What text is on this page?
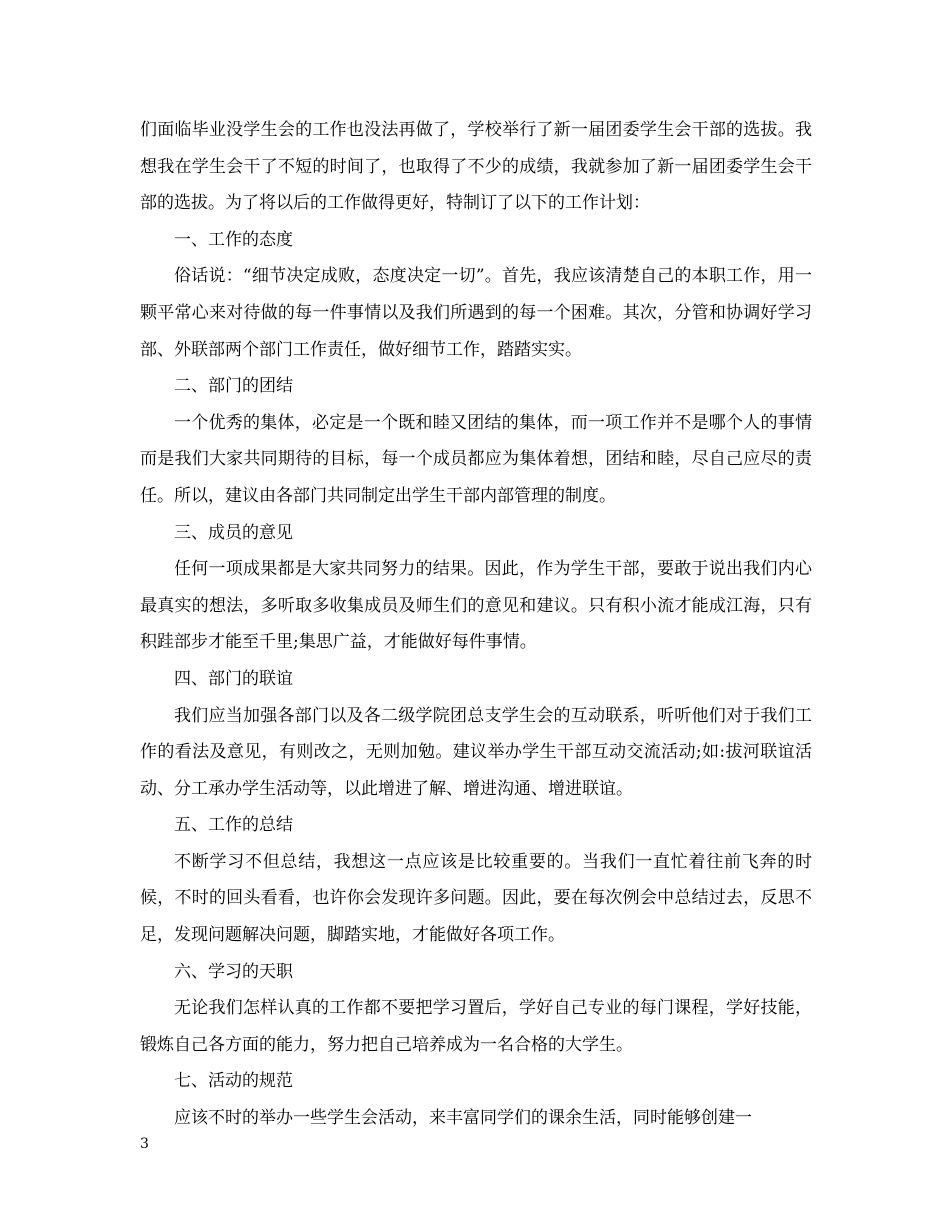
们面临毕业没学生会的工作也没法再做了，学校举行了新一届团委学生会干部的选拔。我想我在学生会干了不短的时间了，也取得了不少的成绩，我就参加了新一届团委学生会干部的选拔。为了将以后的工作做得更好，特制订了以下的工作计划：

一、工作的态度

俗话说：“细节决定成败，态度决定一切”。首先，我应该清楚自己的本职工作，用一颗平常心来对待做的每一件事情以及我们所遇到的每一个困难。其次，分管和协调好学习部、外联部两个部门工作责任，做好细节工作，踏踏实实。

二、部门的团结

一个优秀的集体，必定是一个既和睦又团结的集体，而一项工作并不是哪个人的事情而是我们大家共同期待的目标，每一个成员都应为集体着想，团结和睦，尽自己应尽的责任。所以，建议由各部门共同制定出学生干部内部管理的制度。

三、成员的意见

任何一项成果都是大家共同努力的结果。因此，作为学生干部，要敢于说出我们内心最真实的想法，多听取多收集成员及师生们的意见和建议。只有积小流才能成江海，只有积跬部步才能至千里;集思广益，才能做好每件事情。

四、部门的联谊

我们应当加强各部门以及各二级学院团总支学生会的互动联系，听听他们对于我们工作的看法及意见，有则改之，无则加勉。建议举办学生干部互动交流活动;如:拔河联谊活动、分工承办学生活动等，以此增进了解、增进沟通、增进联谊。

五、工作的总结

不断学习不但总结，我想这一点应该是比较重要的。当我们一直忙着往前飞奔的时候，不时的回头看看，也许你会发现许多问题。因此，要在每次例会中总结过去，反思不足，发现问题解决问题，脚踏实地，才能做好各项工作。

六、学习的天职

无论我们怎样认真的工作都不要把学习置后，学好自己专业的每门课程，学好技能，锻炼自己各方面的能力，努力把自己培养成为一名合格的大学生。

七、活动的规范

应该不时的举办一些学生会活动，来丰富同学们的课余生活，同时能够创建一

3
